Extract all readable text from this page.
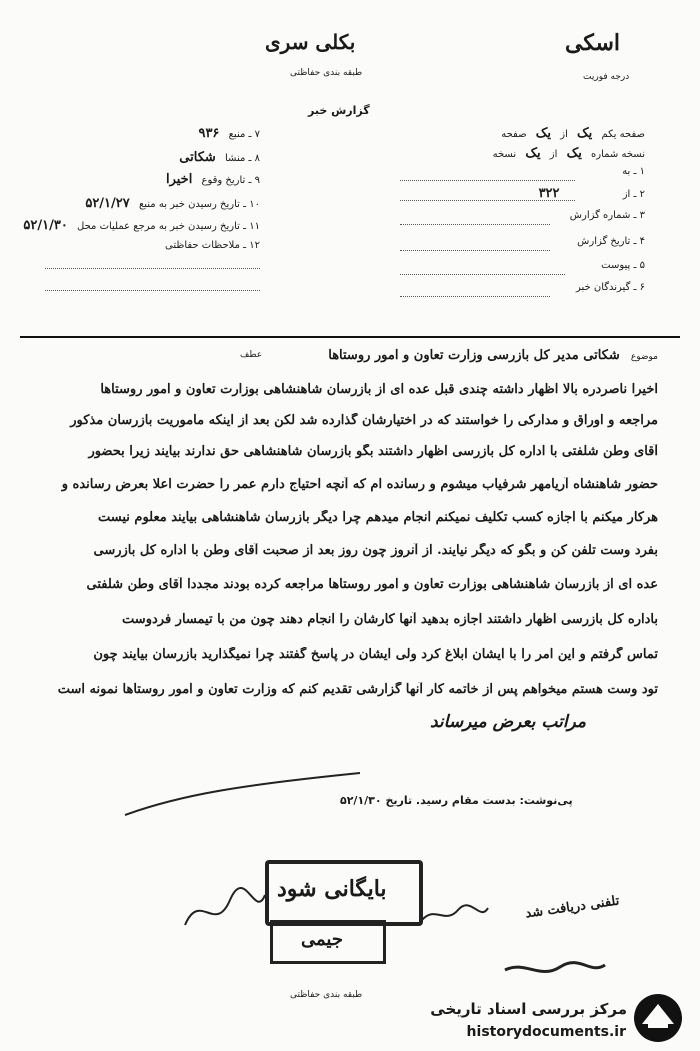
اسکی
درجه فوریت
بکلی سری
طبقه بندی حفاظتی
گزارش خبر
صفحه یکم یک از یک صفحه
نسخه شماره یک از یک نسخه
۱ ـ به
۲ ـ از ۳۲۲
۳ ـ شماره گزارش
۴ ـ تاریخ گزارش
۵ ـ پیوست
۶ ـ گیرندگان خبر
۷ ـ منبع ۹۳۶
۸ ـ منشا شکاتی
۹ ـ تاریخ وقوع اخیرا
۱۰ ـ تاریخ رسیدن خبر به منبع ۵۲/۱/۲۷
۱۱ ـ تاریخ رسیدن خبر به مرجع عملیات محل ۵۲/۱/۳۰
۱۲ ـ ملاحظات حفاظتی
موضوع شکاتی مدیر کل بازرسی وزارت تعاون و امور روستاها
عطف
اخیرا ناصردره بالا اظهار داشته چندی قبل عده ای از بازرسان شاهنشاهی بوزارت تعاون و امور روستاها
مراجعه و اوراق و مدارکی را خواستند که در اختیارشان گذارده شد لکن بعد از اینکه ماموریت بازرسان مذکور
آقای وطن شلفتی با اداره کل بازرسی اظهار داشتند بگو بازرسان شاهنشاهی حق ندارند بیایند زیرا بحضور
حضور شاهنشاه آریامهر شرفیاب میشوم و رسانده ام که آنچه احتیاج دارم عمر را حضرت اعلا بعرض رسانده و
هرکار میکنم با اجازه کسب تکلیف نمیکنم انجام میدهم چرا دیگر بازرسان شاهنشاهی بیایند معلوم نیست
بفرد وست تلفن کن و بگو که دیگر نیایند. از آنروز چون روز بعد از صحبت آقای وطن با اداره کل بازرسی
عده ای از بازرسان شاهنشاهی بوزارت تعاون و امور روستاها مراجعه کرده بودند مجددا آقای وطن شلفتی
باداره کل بازرسی اظهار داشتند اجازه بدهید آنها کارشان را انجام دهند چون من با تیمسار فردوست
تماس گرفتم و این امر را با ایشان ابلاغ کرد ولی ایشان در پاسخ گفتند چرا نمیگذارید بازرسان بیایند چون
تود وست هستم میخواهم پس از خاتمه کار آنها گزارشی تقدیم کنم که وزارت تعاون و امور روستاها نمونه است
مراتب بعرض میرساند
پی‌نوشت: بدست مقام رسید. تاریخ ۵۲/۱/۳۰
بایگانی شود
جیمی
تلفنی دریافت شد
طبقه بندی حفاظتی
مرکز بررسی اسناد تاریخی
historydocuments.ir
